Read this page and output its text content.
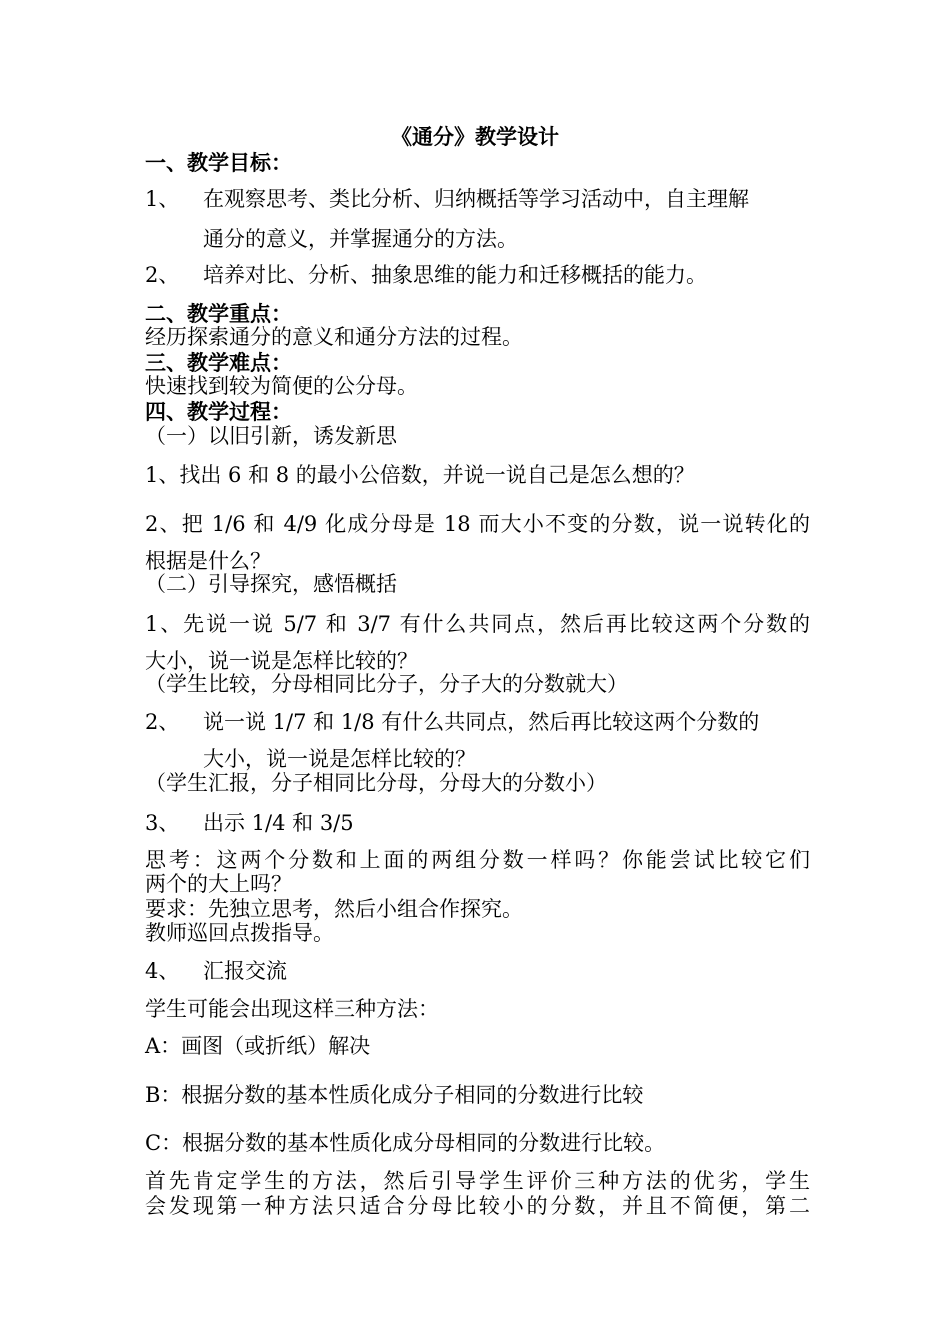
《通分》教学设计
一、教学目标：
1、 在观察思考、类比分析、归纳概括等学习活动中，自主理解
通分的意义，并掌握通分的方法。
2、 培养对比、分析、抽象思维的能力和迁移概括的能力。
二、教学重点：
经历探索通分的意义和通分方法的过程。
三、教学难点：
快速找到较为简便的公分母。
四、教学过程：
（一）以旧引新，诱发新思
1、找出 6 和 8 的最小公倍数，并说一说自己是怎么想的？
2、把 1/6 和 4/9 化成分母是 18 而大小不变的分数，说一说转化的
根据是什么？
（二）引导探究，感悟概括
1、先说一说 5/7 和 3/7 有什么共同点，然后再比较这两个分数的
大小，说一说是怎样比较的？
（学生比较，分母相同比分子，分子大的分数就大）
2、 说一说 1/7 和 1/8 有什么共同点，然后再比较这两个分数的
大小，说一说是怎样比较的？
（学生汇报，分子相同比分母，分母大的分数小）
3、 出示 1/4 和 3/5
思考：这两个分数和上面的两组分数一样吗？你能尝试比较它们
两个的大上吗？
要求：先独立思考，然后小组合作探究。
教师巡回点拨指导。
4、 汇报交流
学生可能会出现这样三种方法：
A：画图（或折纸）解决
B：根据分数的基本性质化成分子相同的分数进行比较
C：根据分数的基本性质化成分母相同的分数进行比较。
首先肯定学生的方法，然后引导学生评价三种方法的优劣，学生
会发现第一种方法只适合分母比较小的分数，并且不简便，第二
